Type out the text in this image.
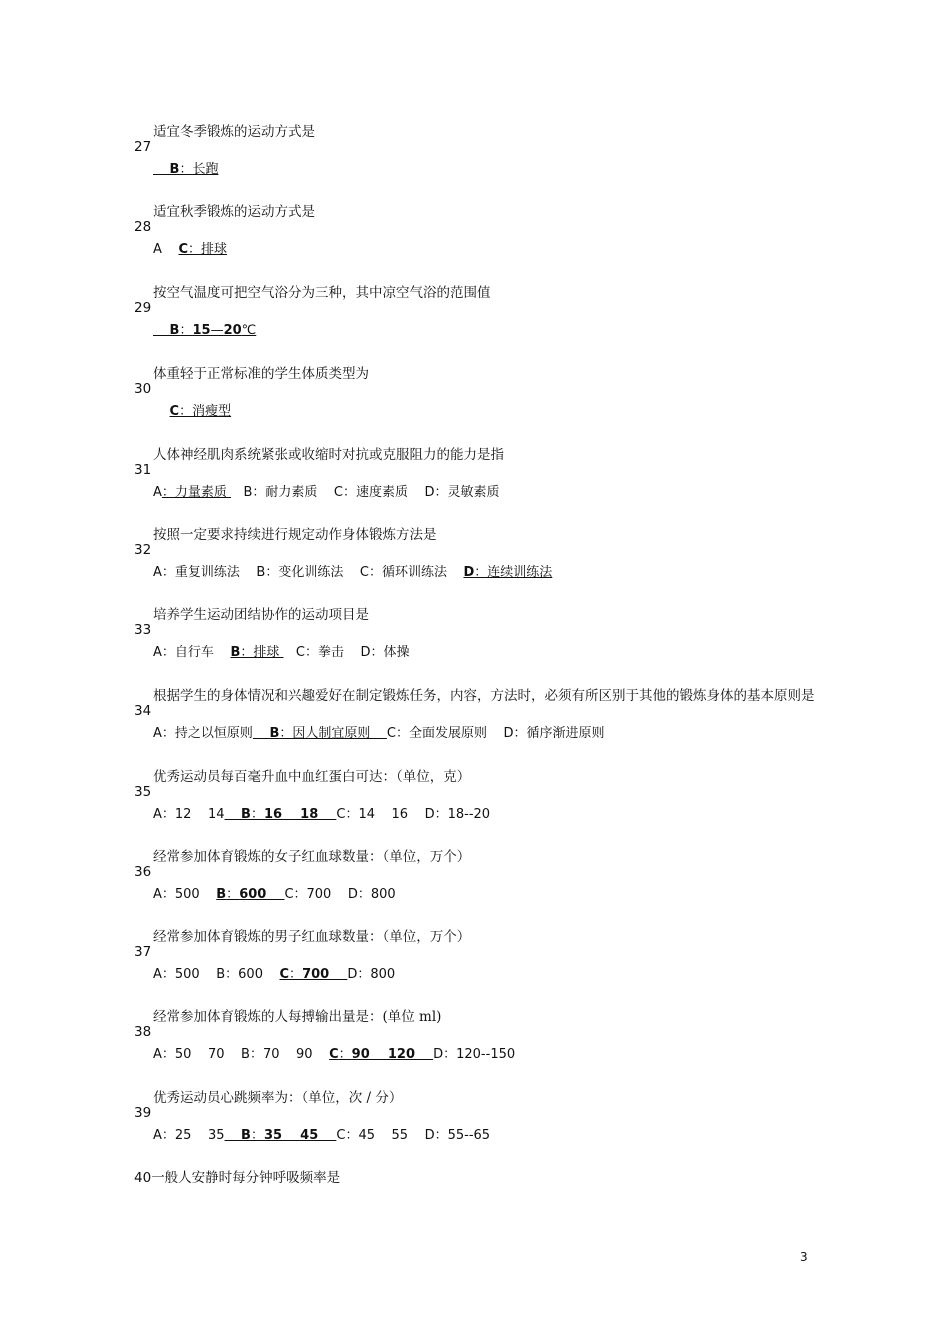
适宜冬季锻炼的运动方式是
27
B：长跑
适宜秋季锻炼的运动方式是
28
A    C：排球
按空气温度可把空气浴分为三种，其中凉空气浴的范围值
29
B：15—20℃
体重轻于正常标准的学生体质类型为
30
C：消瘦型
人体神经肌肉系统紧张或收缩时对抗或克服阻力的能力是指
31
A：力量素质    B：耐力素质    C：速度素质    D：灵敏素质
按照一定要求持续进行规定动作身体锻炼方法是
32
A：重复训练法    B：变化训练法    C：循环训练法    D：连续训练法
培养学生运动团结协作的运动项目是
33
A：自行车    B：排球    C：拳击    D：体操
根据学生的身体情况和兴趣爱好在制定锻炼任务，内容，方法时，必须有所区别于其他的锻炼身体的基本原则是
34
A：持之以恒原则 B：因人制宜原则    C：全面发展原则    D：循序渐进原则
优秀运动员每百毫升血中血红蛋白可达：（单位，克）
35
A：12    14 B：16    18    C：14    16    D：18--20
经常参加体育锻炼的女子红血球数量：（单位，万个）
36
A：500    B：600    C：700    D：800
经常参加体育锻炼的男子红血球数量：（单位，万个）
37
A：500    B：600    C：700    D：800
经常参加体育锻炼的人每搏输出量是：(单位 ml)
38
A：50    70    B：70    90    C：90    120    D：120--150
优秀运动员心跳频率为：（单位，次 / 分）
39
A：25    35 B：35    45    C：45    55    D：55--65
40一般人安静时每分钟呼吸频率是
3
